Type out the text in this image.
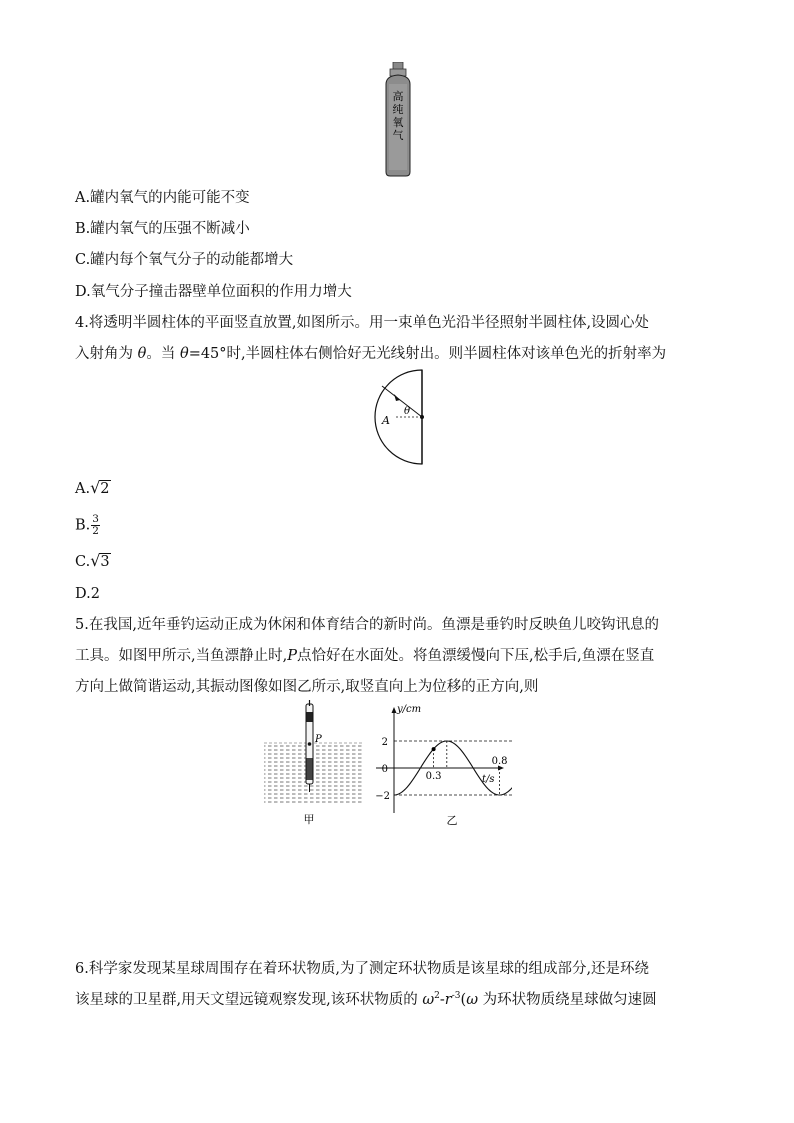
高
纯
氧
气
A.罐内氧气的内能可能不变
B.罐内氧气的压强不断减小
C.罐内每个氧气分子的动能都增大
D.氧气分子撞击器壁单位面积的作用力增大
4.将透明半圆柱体的平面竖直放置,如图所示。用一束单色光沿半径照射半圆柱体,设圆心处
入射角为 θ。当 θ=45°时,半圆柱体右侧恰好无光线射出。则半圆柱体对该单色光的折射率为
A
θ
A.√2
B. $\frac{3}{2}$
C.√3
D.2
5.在我国,近年垂钓运动正成为休闲和体育结合的新时尚。鱼漂是垂钓时反映鱼儿咬钩讯息的
工具。如图甲所示,当鱼漂静止时,P点恰好在水面处。将鱼漂缓慢向下压,松手后,鱼漂在竖直
方向上做简谐运动,其振动图像如图乙所示,取竖直向上为位移的正方向,则
P
甲
y/cm
t/s
0.3
0.8
2
0
−2
乙
6.科学家发现某星球周围存在着环状物质,为了测定环状物质是该星球的组成部分,还是环绕
该星球的卫星群,用天文望远镜观察发现,该环状物质的 $\omega^2-r^{-3}(\omega$ 为环状物质绕星球做匀速圆
